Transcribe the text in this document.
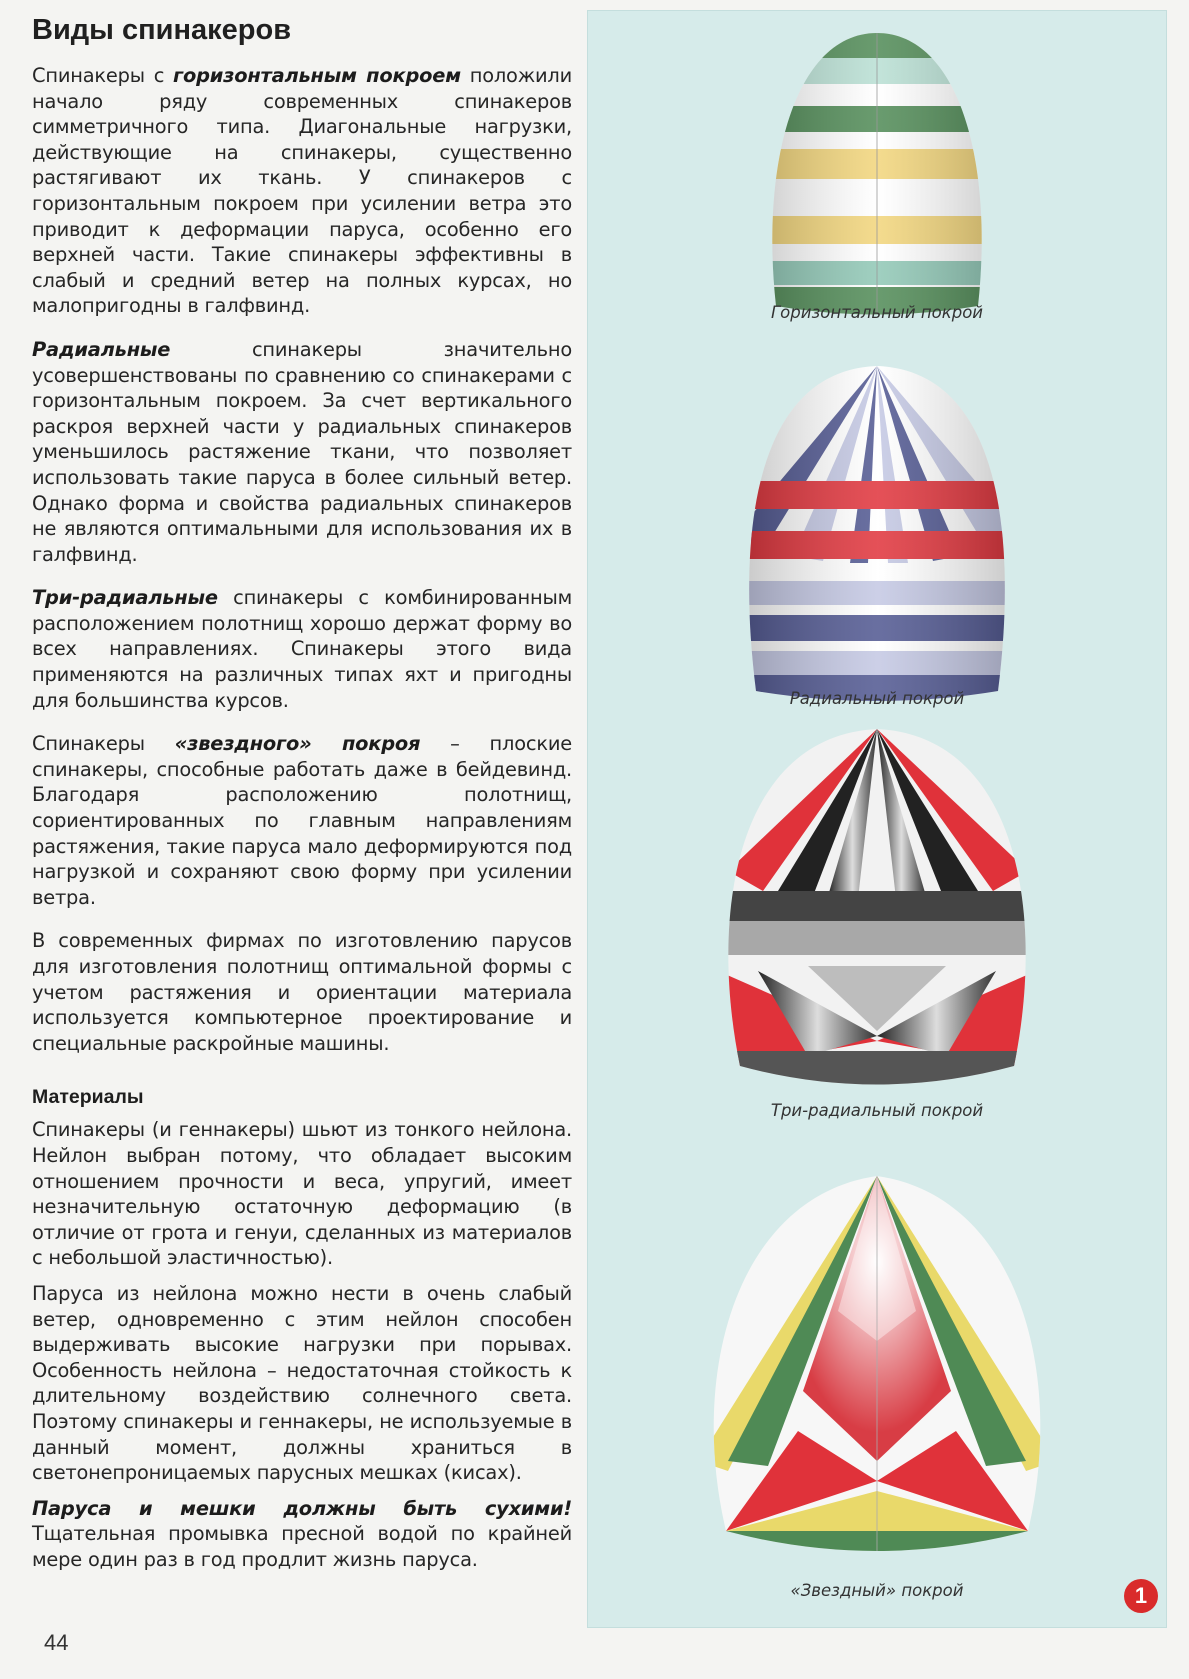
Виды спинакеров

Спинакеры с горизонтальным покроем положили начало ряду современных спинакеров симметричного типа. Диагональные нагрузки, действующие на спинакеры, существенно растягивают их ткань. У спинакеров с горизонтальным покроем при усилении ветра это приводит к деформации паруса, особенно его верхней части. Такие спинакеры эффективны в слабый и средний ветер на полных курсах, но малопригодны в галфвинд.

Радиальные спинакеры значительно усовершенствованы по сравнению со спинакерами с горизонтальным покроем. За счет вертикального раскроя верхней части у радиальных спинакеров уменьшилось растяжение ткани, что позволяет использовать такие паруса в более сильный ветер. Однако форма и свойства радиальных спинакеров не являются оптимальными для использования их в галфвинд.

Три-радиальные спинакеры с комбинированным расположением полотнищ хорошо держат форму во всех направлениях. Спинакеры этого вида применяются на различных типах яхт и пригодны для большинства курсов.

Спинакеры «звездного» покроя – плоские спинакеры, способные работать даже в бейдевинд. Благодаря расположению полотнищ, сориентированных по главным направлениям растяжения, такие паруса мало деформируются под нагрузкой и сохраняют свою форму при усилении ветра.

В современных фирмах по изготовлению парусов для изготовления полотнищ оптимальной формы с учетом растяжения и ориентации материала используется компьютерное проектирование и специальные раскройные машины.

Материалы

Спинакеры (и геннакеры) шьют из тонкого нейлона. Нейлон выбран потому, что обладает высоким отношением прочности и веса, упругий, имеет незначительную остаточную деформацию (в отличие от грота и генуи, сделанных из материалов с небольшой эластичностью).

Паруса из нейлона можно нести в очень слабый ветер, одновременно с этим нейлон способен выдерживать высокие нагрузки при порывах. Особенность нейлона – недостаточная стойкость к длительному воздействию солнечного света. Поэтому спинакеры и геннакеры, не используемые в данный момент, должны храниться в светонепроницаемых парусных мешках (кисах).

Паруса и мешки должны быть сухими! Тщательная промывка пресной водой по крайней мере один раз в год продлит жизнь паруса.

44
Горизонтальный покрой
Радиальный покрой
Три-радиальный покрой
«Звездный» покрой	1
